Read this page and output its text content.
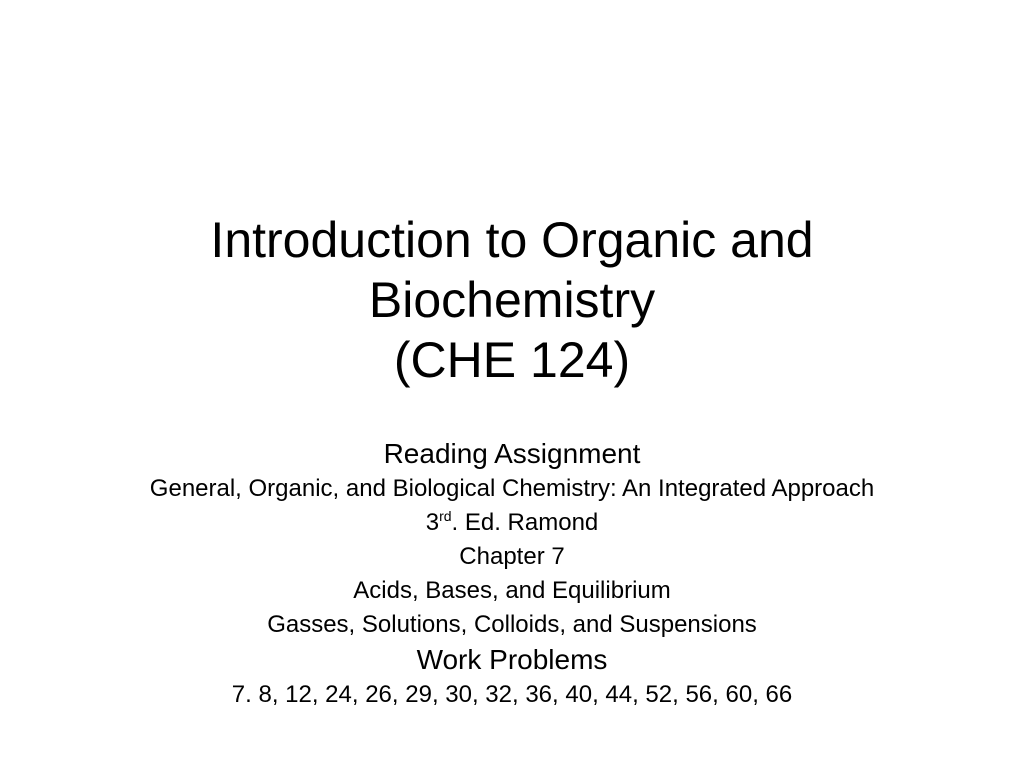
Introduction to Organic and
Biochemistry
(CHE 124)
Reading Assignment
General, Organic, and Biological Chemistry: An Integrated Approach
3rd. Ed. Ramond
Chapter 7
Acids, Bases, and Equilibrium
Gasses, Solutions, Colloids, and Suspensions
Work Problems
7. 8, 12, 24, 26, 29, 30, 32, 36, 40, 44, 52, 56, 60, 66
